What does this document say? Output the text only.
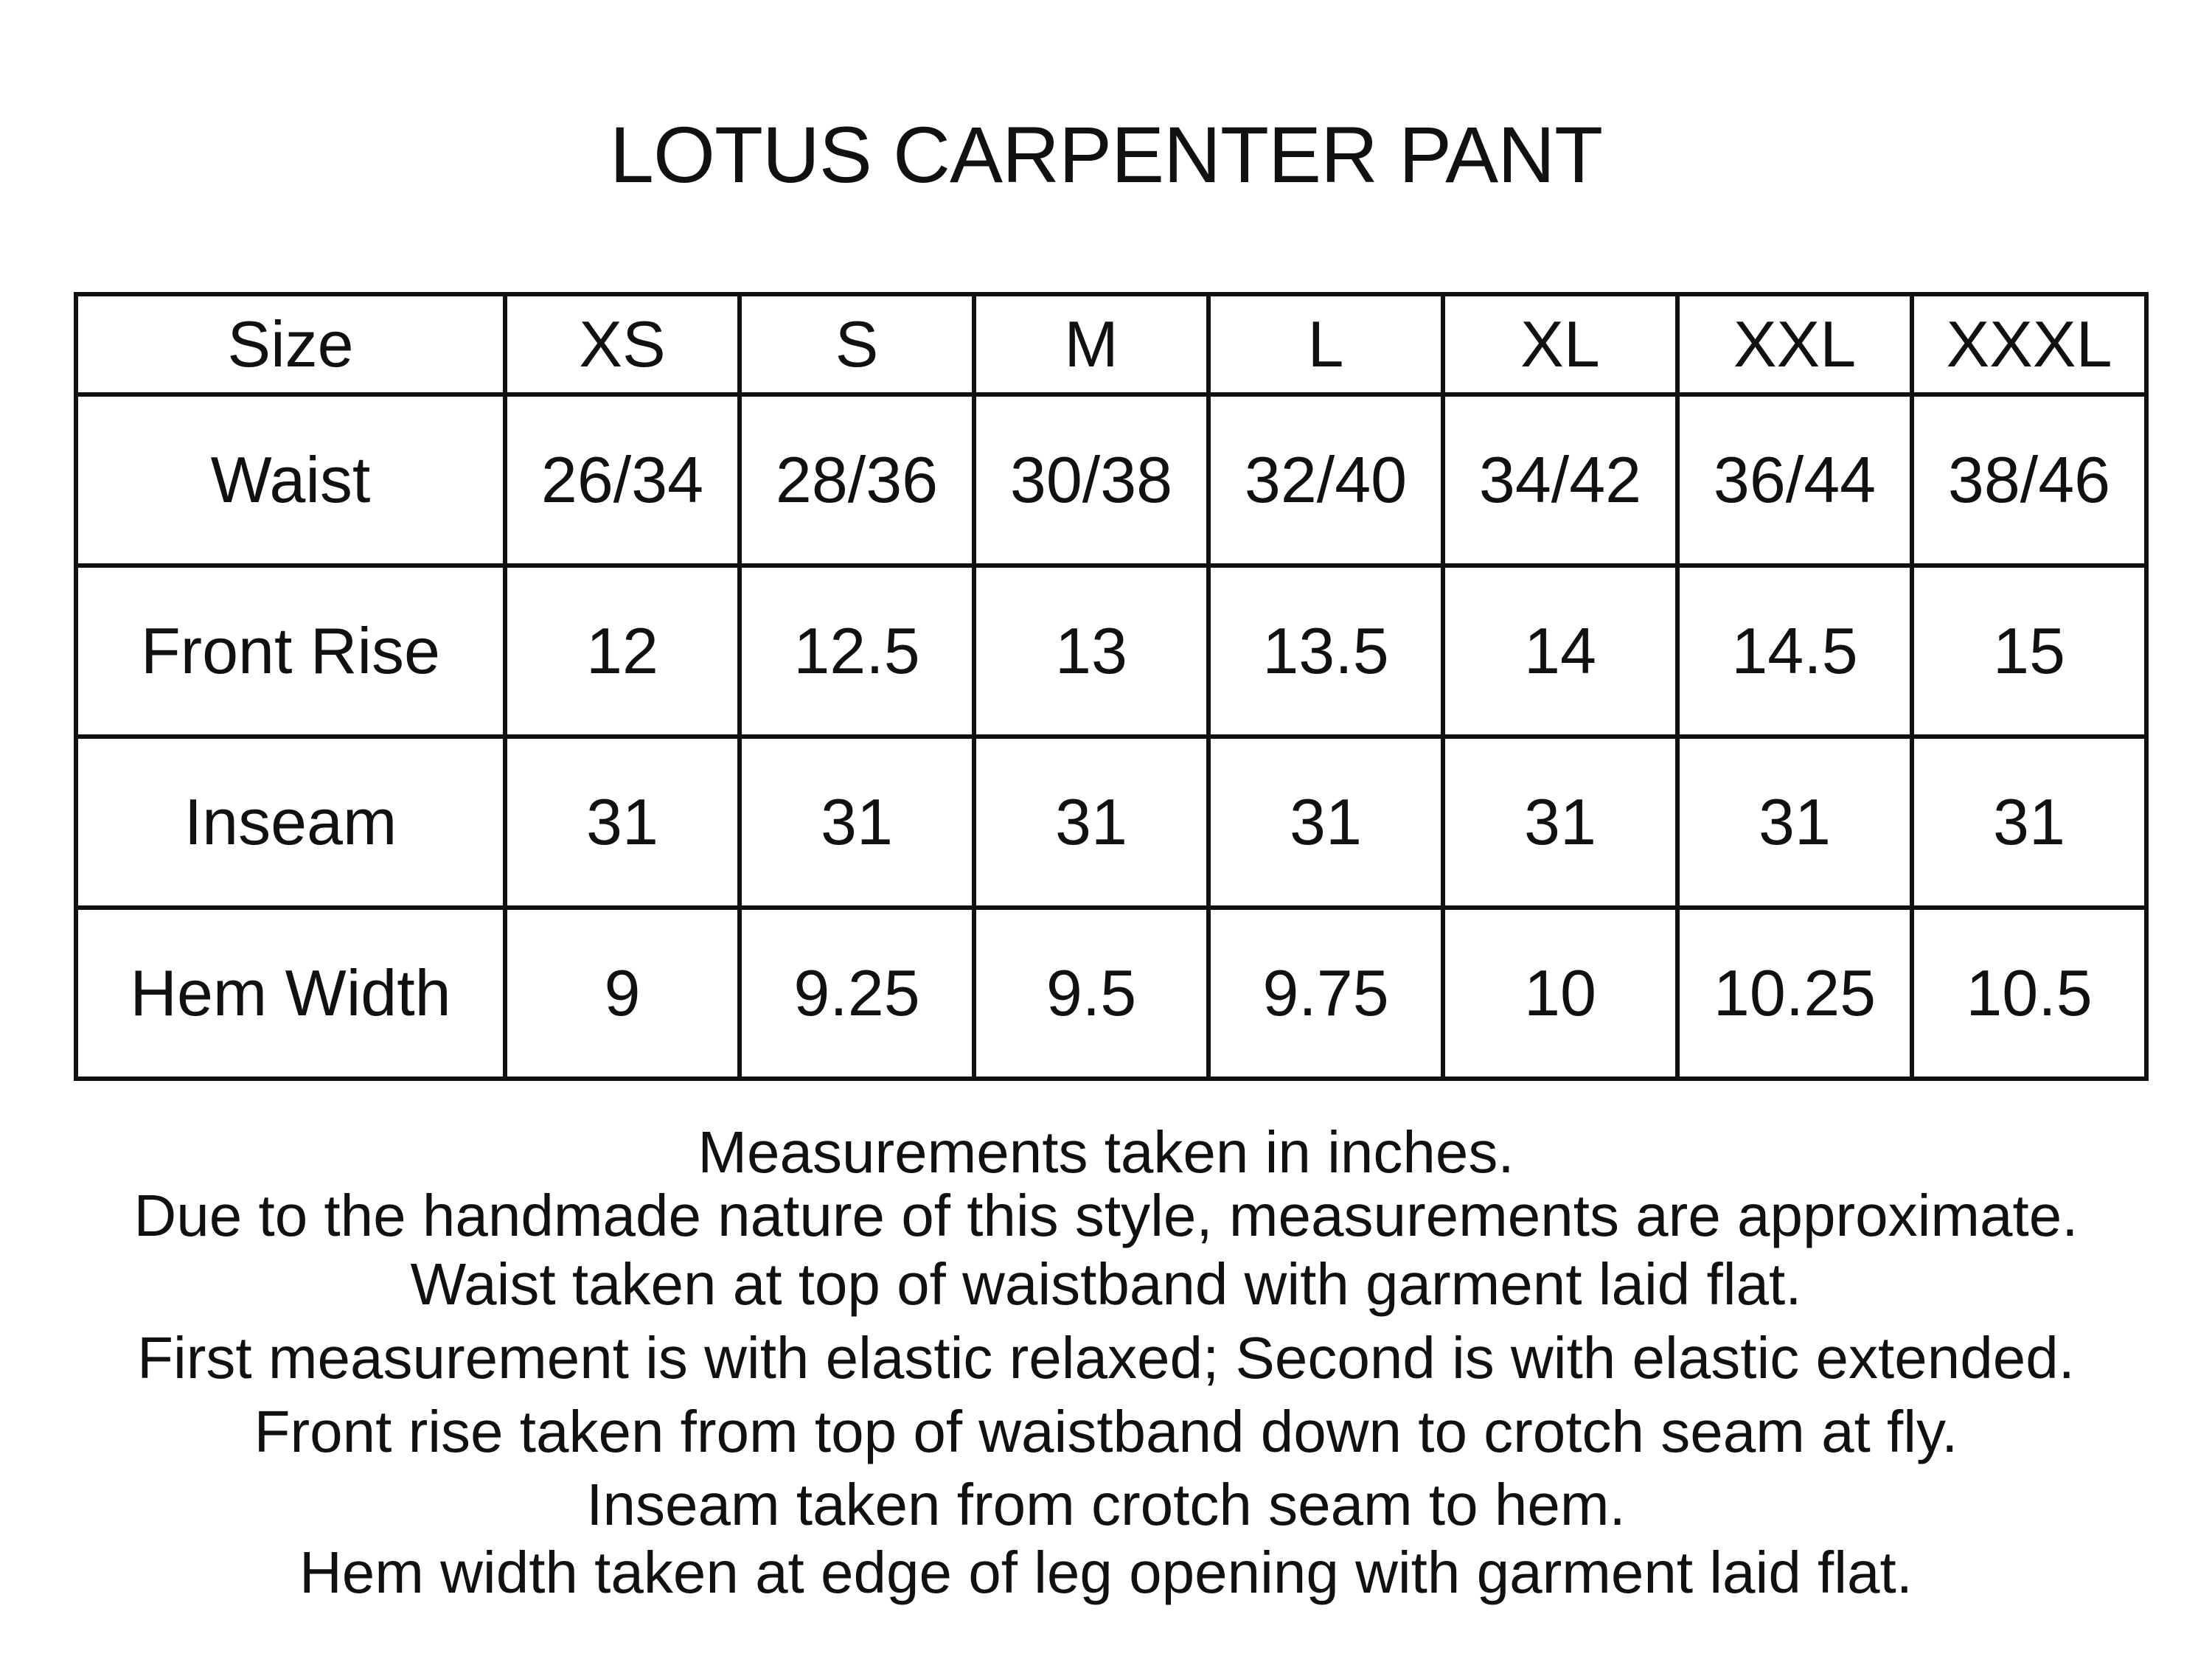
LOTUS CARPENTER PANT
Size	XS	S	M	L	XL	XXL	XXXL
Waist	26/34	28/36	30/38	32/40	34/42	36/44	38/46
Front Rise	12	12.5	13	13.5	14	14.5	15
Inseam	31	31	31	31	31	31	31
Hem Width	9	9.25	9.5	9.75	10	10.25	10.5
Measurements taken in inches.
Due to the handmade nature of this style, measurements are approximate.
Waist taken at top of waistband with garment laid flat.
First measurement is with elastic relaxed; Second is with elastic extended.
Front rise taken from top of waistband down to crotch seam at fly.
Inseam taken from crotch seam to hem.
Hem width taken at edge of leg opening with garment laid flat.
